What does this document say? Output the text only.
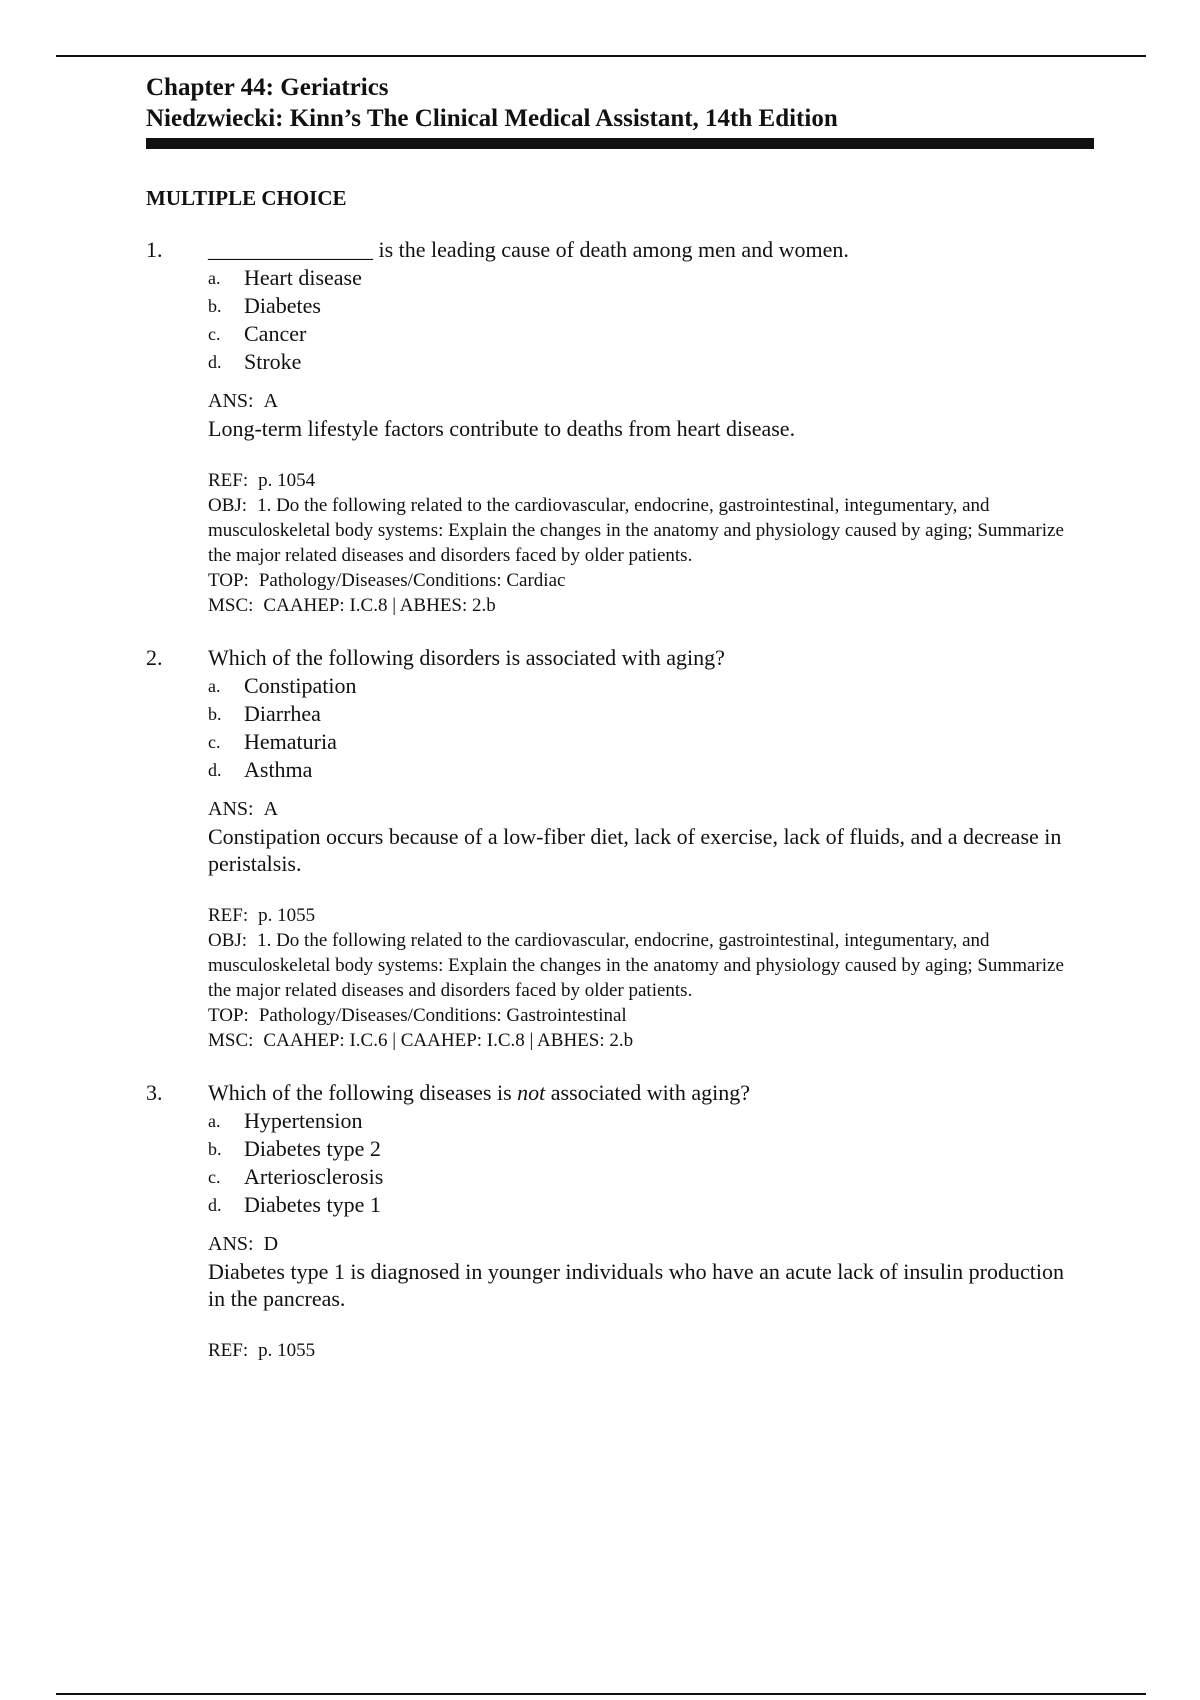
Chapter 44: Geriatrics
Niedzwiecki: Kinn’s The Clinical Medical Assistant, 14th Edition
MULTIPLE CHOICE
1.	_______________ is the leading cause of death among men and women.
a.	Heart disease
b.	Diabetes
c.	Cancer
d.	Stroke
ANS: A
Long-term lifestyle factors contribute to deaths from heart disease.
REF: p. 1054
OBJ: 1. Do the following related to the cardiovascular, endocrine, gastrointestinal, integumentary, and musculoskeletal body systems: Explain the changes in the anatomy and physiology caused by aging; Summarize the major related diseases and disorders faced by older patients.
TOP: Pathology/Diseases/Conditions: Cardiac
MSC: CAAHEP: I.C.8 | ABHES: 2.b
2.	Which of the following disorders is associated with aging?
a.	Constipation
b.	Diarrhea
c.	Hematuria
d.	Asthma
ANS: A
Constipation occurs because of a low-fiber diet, lack of exercise, lack of fluids, and a decrease in peristalsis.
REF: p. 1055
OBJ: 1. Do the following related to the cardiovascular, endocrine, gastrointestinal, integumentary, and musculoskeletal body systems: Explain the changes in the anatomy and physiology caused by aging; Summarize the major related diseases and disorders faced by older patients.
TOP: Pathology/Diseases/Conditions: Gastrointestinal
MSC: CAAHEP: I.C.6 | CAAHEP: I.C.8 | ABHES: 2.b
3.	Which of the following diseases is not associated with aging?
a.	Hypertension
b.	Diabetes type 2
c.	Arteriosclerosis
d.	Diabetes type 1
ANS: D
Diabetes type 1 is diagnosed in younger individuals who have an acute lack of insulin production in the pancreas.
REF: p. 1055
